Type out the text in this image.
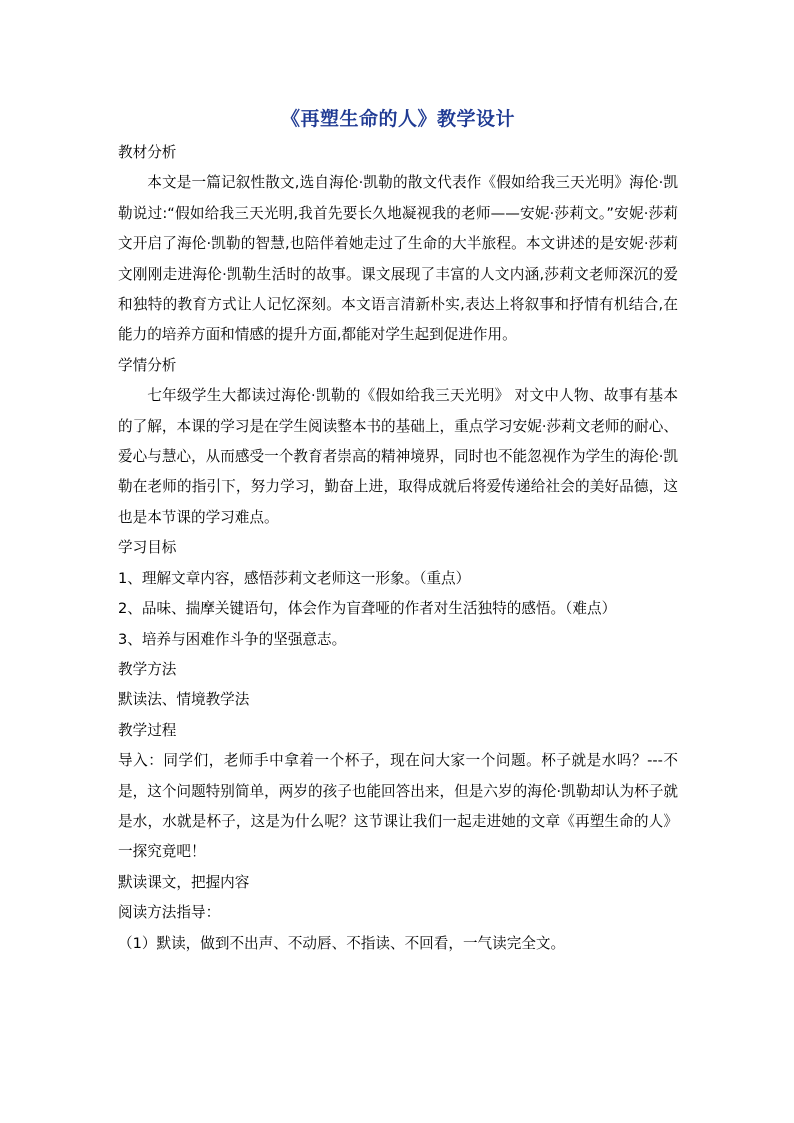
《再塑生命的人》教学设计
教材分析

本文是一篇记叙性散文,选自海伦·凯勒的散文代表作《假如给我三天光明》海伦·凯勒说过:“假如给我三天光明,我首先要长久地凝视我的老师——安妮·莎莉文。”安妮·莎莉文开启了海伦·凯勒的智慧,也陪伴着她走过了生命的大半旅程。本文讲述的是安妮·莎莉文刚刚走进海伦·凯勒生活时的故事。课文展现了丰富的人文内涵,莎莉文老师深沉的爱和独特的教育方式让人记忆深刻。本文语言清新朴实,表达上将叙事和抒情有机结合,在能力的培养方面和情感的提升方面,都能对学生起到促进作用。

学情分析

七年级学生大都读过海伦·凯勒的《假如给我三天光明》 对文中人物、故事有基本的了解，本课的学习是在学生阅读整本书的基础上，重点学习安妮·莎莉文老师的耐心、爱心与慧心，从而感受一个教育者崇高的精神境界，同时也不能忽视作为学生的海伦·凯勒在老师的指引下，努力学习，勤奋上进，取得成就后将爱传递给社会的美好品德，这也是本节课的学习难点。

学习目标
1、理解文章内容，感悟莎莉文老师这一形象。（重点）
2、品味、揣摩关键语句，体会作为盲聋哑的作者对生活独特的感悟。（难点）
3、培养与困难作斗争的坚强意志。
教学方法
默读法、情境教学法
教学过程

导入：同学们，老师手中拿着一个杯子，现在问大家一个问题。杯子就是水吗？---不是，这个问题特别简单，两岁的孩子也能回答出来，但是六岁的海伦·凯勒却认为杯子就是水，水就是杯子，这是为什么呢？这节课让我们一起走进她的文章《再塑生命的人》一探究竟吧！

默读课文，把握内容
阅读方法指导：
（1）默读，做到不出声、不动唇、不指读、不回看，一气读完全文。
